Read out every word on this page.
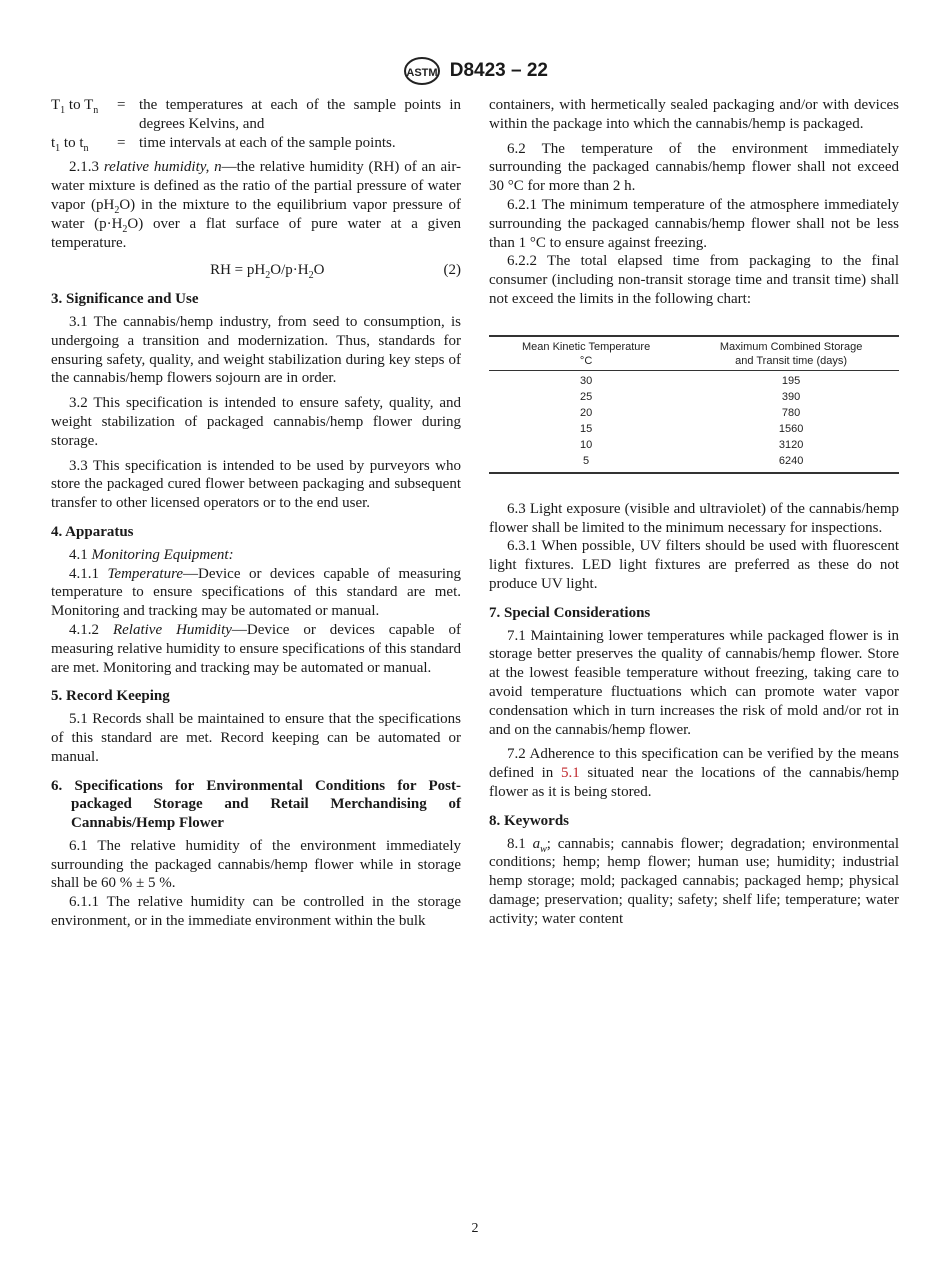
ASTM D8423 – 22
$T_1$ to $T_n$	= the temperatures at each of the sample points in degrees Kelvins, and
$t_1$ to $t_n$	= time intervals at each of the sample points.

2.1.3 relative humidity, n—the relative humidity (RH) of an air-water mixture is defined as the ratio of the partial pressure of water vapor $(pH_2O)$ in the mixture to the equilibrium vapor pressure of water $(p\cdot H_2O)$ over a flat surface of pure water at a given temperature.

RH = $pH_2O/p\cdot H_2O$	(2)
3. Significance and Use

3.1 The cannabis/hemp industry, from seed to consumption, is undergoing a transition and modernization. Thus, standards for ensuring safety, quality, and weight stabilization during key steps of the cannabis/hemp flowers sojourn are in order.

3.2 This specification is intended to ensure safety, quality, and weight stabilization of packaged cannabis/hemp flower during storage.

3.3 This specification is intended to be used by purveyors who store the packaged cured flower between packaging and subsequent transfer to other licensed operators or to the end user.

4. Apparatus

4.1 Monitoring Equipment:

4.1.1 Temperature—Device or devices capable of measuring temperature to ensure specifications of this standard are met. Monitoring and tracking may be automated or manual.

4.1.2 Relative Humidity—Device or devices capable of measuring relative humidity to ensure specifications of this standard are met. Monitoring and tracking may be automated or manual.

5. Record Keeping

5.1 Records shall be maintained to ensure that the specifications of this standard are met. Record keeping can be automated or manual.

6. Specifications for Environmental Conditions for Post-packaged Storage and Retail Merchandising of Cannabis/Hemp Flower

6.1 The relative humidity of the environment immediately surrounding the packaged cannabis/hemp flower while in storage shall be 60 % ± 5 %.

6.1.1 The relative humidity can be controlled in the storage environment, or in the immediate environment within the bulk

containers, with hermetically sealed packaging and/or with devices within the package into which the cannabis/hemp is packaged.

6.2 The temperature of the environment immediately surrounding the packaged cannabis/hemp flower shall not exceed 30 °C for more than 2 h.

6.2.1 The minimum temperature of the atmosphere immediately surrounding the packaged cannabis/hemp flower shall not be less than 1 °C to ensure against freezing.

6.2.2 The total elapsed time from packaging to the final consumer (including non-transit storage time and transit time) shall not exceed the limits in the following chart:

Mean Kinetic Temperature
°C	Maximum Combined Storage
and Transit time (days)
30	195
25	390
20	780
15	1560
10	3120
5	6240

6.3 Light exposure (visible and ultraviolet) of the cannabis/hemp flower shall be limited to the minimum necessary for inspections.

6.3.1 When possible, UV filters should be used with fluorescent light fixtures. LED light fixtures are preferred as these do not produce UV light.

7. Special Considerations

7.1 Maintaining lower temperatures while packaged flower is in storage better preserves the quality of cannabis/hemp flower. Store at the lowest feasible temperature without freezing, taking care to avoid temperature fluctuations which can promote water vapor condensation which in turn increases the risk of mold and/or rot in and on the cannabis/hemp flower.

7.2 Adherence to this specification can be verified by the means defined in 5.1 situated near the locations of the cannabis/hemp flower as it is being stored.

8. Keywords

8.1 $a_w$; cannabis; cannabis flower; degradation; environmental conditions; hemp; hemp flower; human use; humidity; industrial hemp storage; mold; packaged cannabis; packaged hemp; physical damage; preservation; quality; safety; shelf life; temperature; water activity; water content

2
